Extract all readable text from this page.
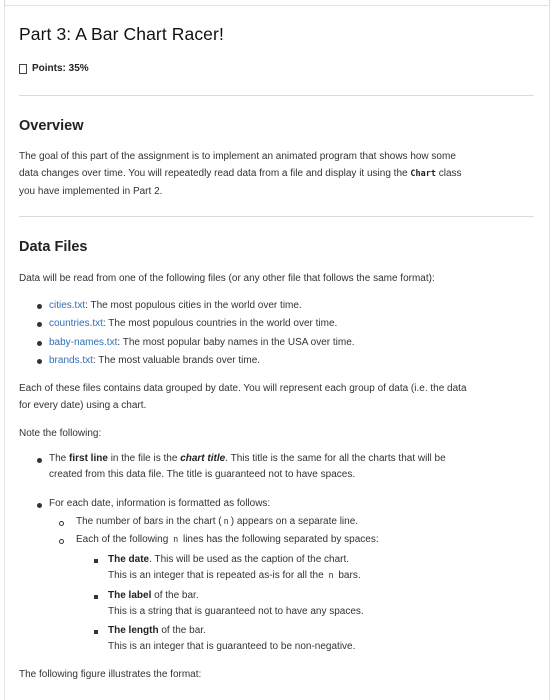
Part 3: A Bar Chart Racer!
Points: 35%
Overview
The goal of this part of the assignment is to implement an animated program that shows how some
data changes over time. You will repeatedly read data from a file and display it using the Chart class
you have implemented in Part 2.
Data Files
Data will be read from one of the following files (or any other file that follows the same format):
cities.txt: The most populous cities in the world over time.
countries.txt: The most populous countries in the world over time.
baby-names.txt: The most popular baby names in the USA over time.
brands.txt: The most valuable brands over time.
Each of these files contains data grouped by date. You will represent each group of data (i.e. the data
for every date) using a chart.
Note the following:
The first line in the file is the chart title. This title is the same for all the charts that will be
created from this data file. The title is guaranteed not to have spaces.
For each date, information is formatted as follows:
The number of bars in the chart ( n ) appears on a separate line.
Each of the following n lines has the following separated by spaces:
The date. This will be used as the caption of the chart.
This is an integer that is repeated as-is for all the n bars.
The label of the bar.
This is a string that is guaranteed not to have any spaces.
The length of the bar.
This is an integer that is guaranteed to be non-negative.
The following figure illustrates the format:
